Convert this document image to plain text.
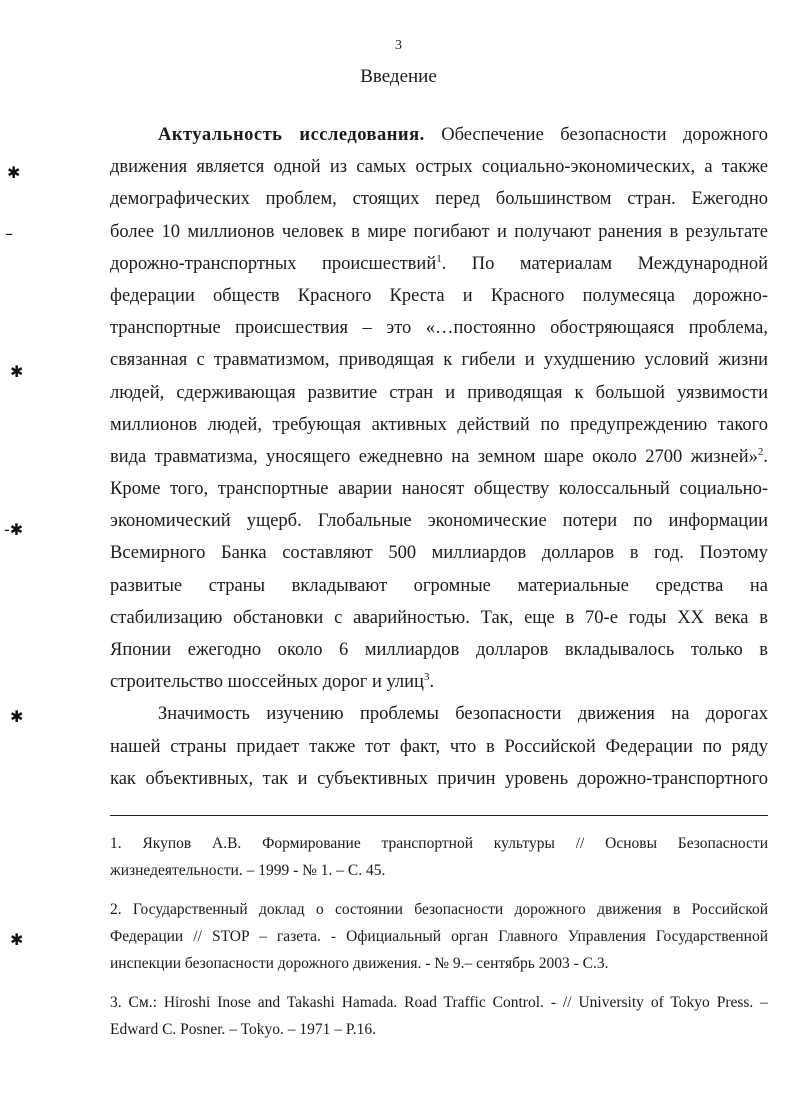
3
Введение
✱
–
✱
-✱
✱
✱
Актуальность исследования. Обеспечение безопасности дорожного
движения является одной из самых острых социально-экономических, а также
демографических проблем, стоящих перед большинством стран. Ежегодно
более 10 миллионов человек в мире погибают и получают ранения в результате
дорожно-транспортных происшествий$^1$. По материалам Международной
федерации обществ Красного Креста и Красного полумесяца дорожно-
транспортные происшествия – это «…постоянно обостряющаяся проблема,
связанная с травматизмом, приводящая к гибели и ухудшению условий жизни
людей, сдерживающая развитие стран и приводящая к большой уязвимости
миллионов людей, требующая активных действий по предупреждению такого
вида травматизма, уносящего ежедневно на земном шаре около 2700 жизней»$^2$.
Кроме того, транспортные аварии наносят обществу колоссальный социально-
экономический ущерб. Глобальные экономические потери по информации
Всемирного Банка составляют 500 миллиардов долларов в год. Поэтому
развитые страны вкладывают огромные материальные средства на
стабилизацию обстановки с аварийностью. Так, еще в 70-е годы XX века в
Японии ежегодно около 6 миллиардов долларов вкладывалось только в
строительство шоссейных дорог и улиц$^3$.
Значимость изучению проблемы безопасности движения на дорогах
нашей страны придает также тот факт, что в Российской Федерации по ряду
как объективных, так и субъективных причин уровень дорожно-транспортного
1. Якупов А.В. Формирование транспортной культуры // Основы Безопасности
жизнедеятельности. – 1999 - № 1. – С. 45.
2. Государственный доклад о состоянии безопасности дорожного движения в Российской
Федерации // STOP – газета. - Официальный орган Главного Управления Государственной
инспекции безопасности дорожного движения. - № 9.– сентябрь 2003 - С.3.
3. См.: Hiroshi Inose and Takashi Hamada. Road Traffic Control. - // University of Tokyo Press. –
Edward C. Posner. – Tokyo. – 1971 – P.16.
